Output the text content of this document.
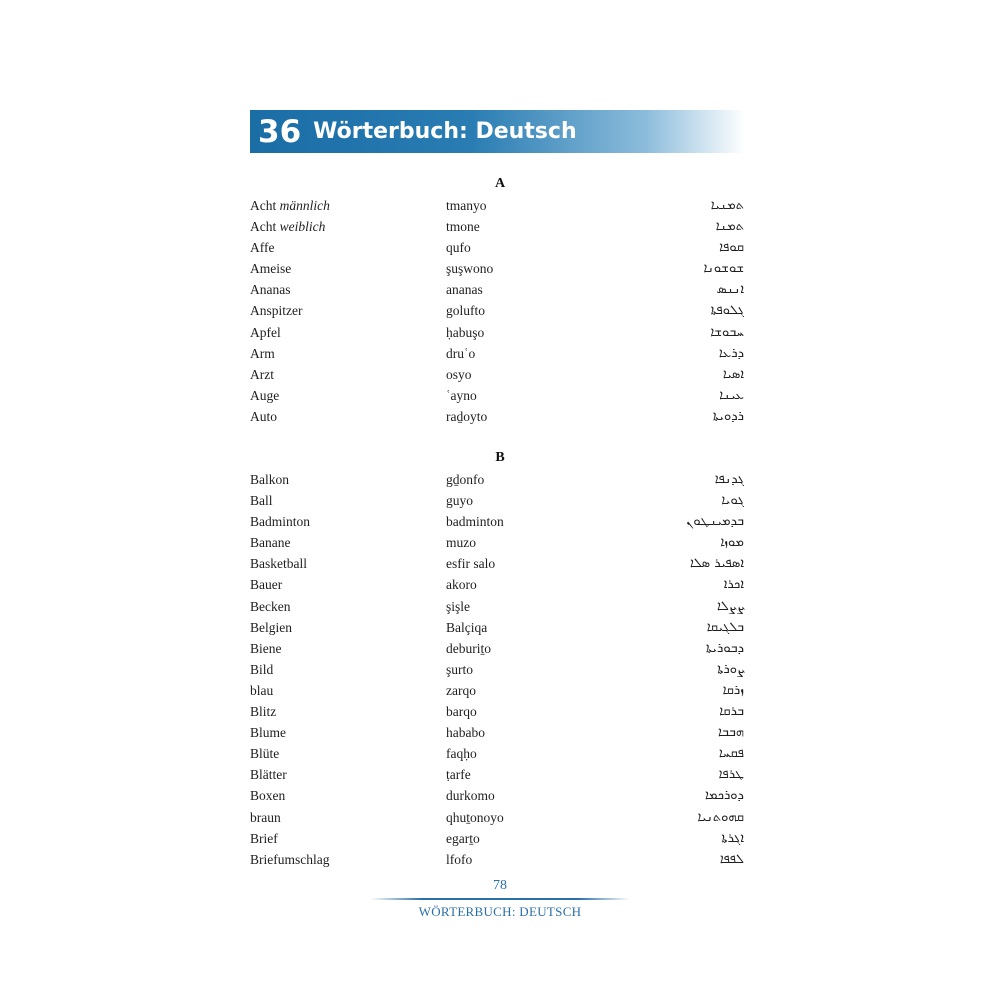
36 Wörterbuch: Deutsch
A
Acht männlich	tmanyo	ܬܡܢܝܐ
Acht weiblich	tmone	ܬܡܢܐ
Affe	qufo	ܩܘܦܐ
Ameise	şuşwono	ܫܘܫܘܢܐ
Ananas	ananas	ܐܢܢܣ
Anspitzer	golufto	ܓܠܘܦܬܐ
Apfel	ḥabuşo	ܚܒܘܫܐ
Arm	druʿo	ܕܪܥܐ
Arzt	osyo	ܐܣܝܐ
Auge	ʿayno	ܥܝܢܐ
Auto	raḏoyto	ܪܕܘܝܬܐ
B
Balkon	gḏonfo	ܓܕܢܦܐ
Ball	guyo	ܓܘܝܐ
Badminton	badminton	ܒܕܡܝܢܛܘܢ
Banane	muzo	ܡܘܙܐ
Basketball	esfir salo	ܐܣܦܝܪ ܣܠܐ
Bauer	akoro	ܐܟܪܐ
Becken	şişle	ܨܨܠܐ
Belgien	Balçiqa	ܒܠܓܝܩܐ
Biene	deburiṯo	ܕܒܘܪܝܬܐ
Bild	şurto	ܨܘܪܬܐ
blau	zarqo	ܙܪܩܐ
Blitz	barqo	ܒܪܩܐ
Blume	hababo	ܗܒܒܐ
Blüte	faqḥo	ܦܩܚܐ
Blätter	ṭarfe	ܛܪܦܐ
Boxen	durkomo	ܕܘܪܟܡܐ
braun	qhuṯonoyo	ܩܗܘܬܢܝܐ
Brief	egarṯo	ܐܓܪܬܐ
Briefumschlag	lfofo	ܠܦܦܐ
78
WÖRTERBUCH: DEUTSCH
